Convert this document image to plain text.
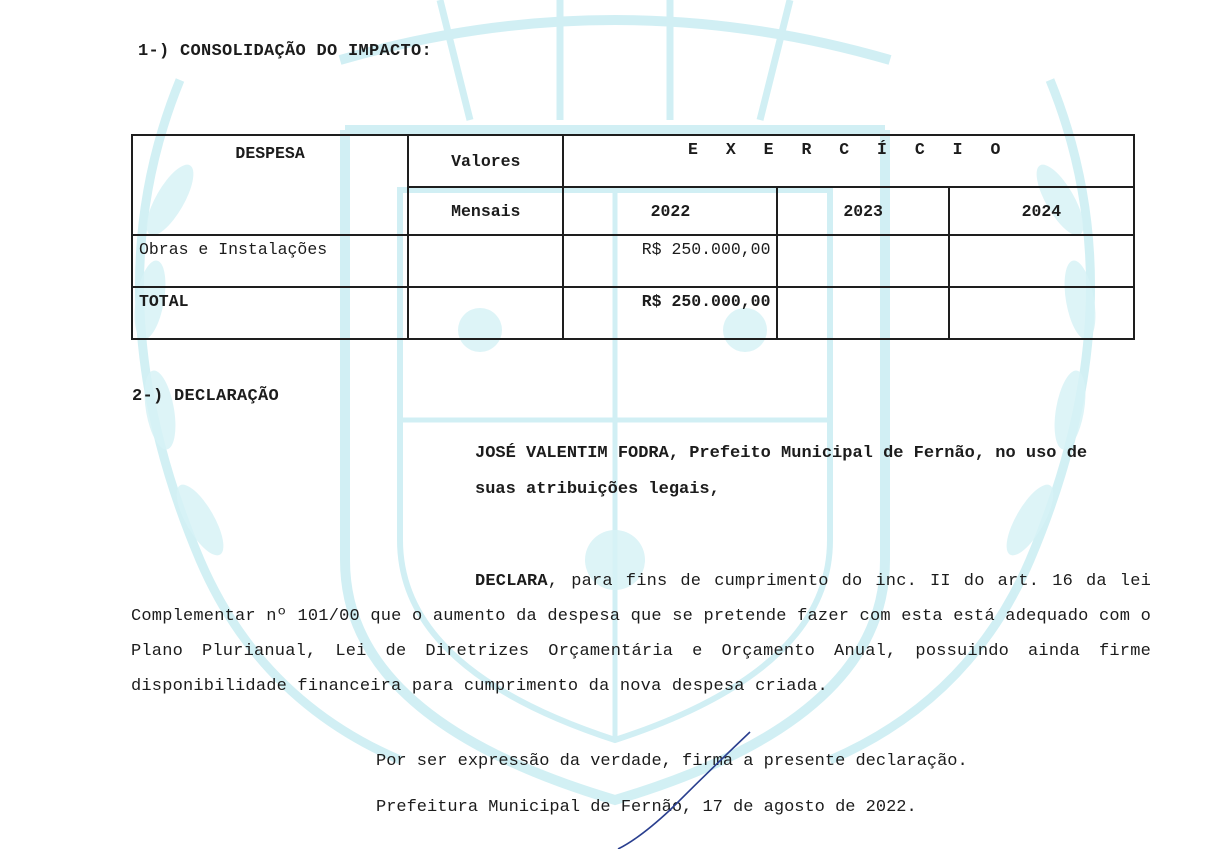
1-) CONSOLIDAÇÃO DO IMPACTO:
DESPESA	Valores	E X E R C Í C I O		
	Mensais	2022	2023	2024
Obras e Instalações		R$ 250.000,00		
TOTAL		R$ 250.000,00		
2-) DECLARAÇÃO
JOSÉ VALENTIM FODRA, Prefeito Municipal de Fernão, no uso de suas atribuições legais,
DECLARA, para fins de cumprimento do inc. II do art. 16 da lei Complementar nº 101/00 que o aumento da despesa que se pretende fazer com esta está adequado com o Plano Plurianual, Lei de Diretrizes Orçamentária e Orçamento Anual, possuindo ainda firme disponibilidade financeira para cumprimento da nova despesa criada.
Por ser expressão da verdade, firma a presente declaração.
Prefeitura Municipal de Fernão, 17 de agosto de 2022.
